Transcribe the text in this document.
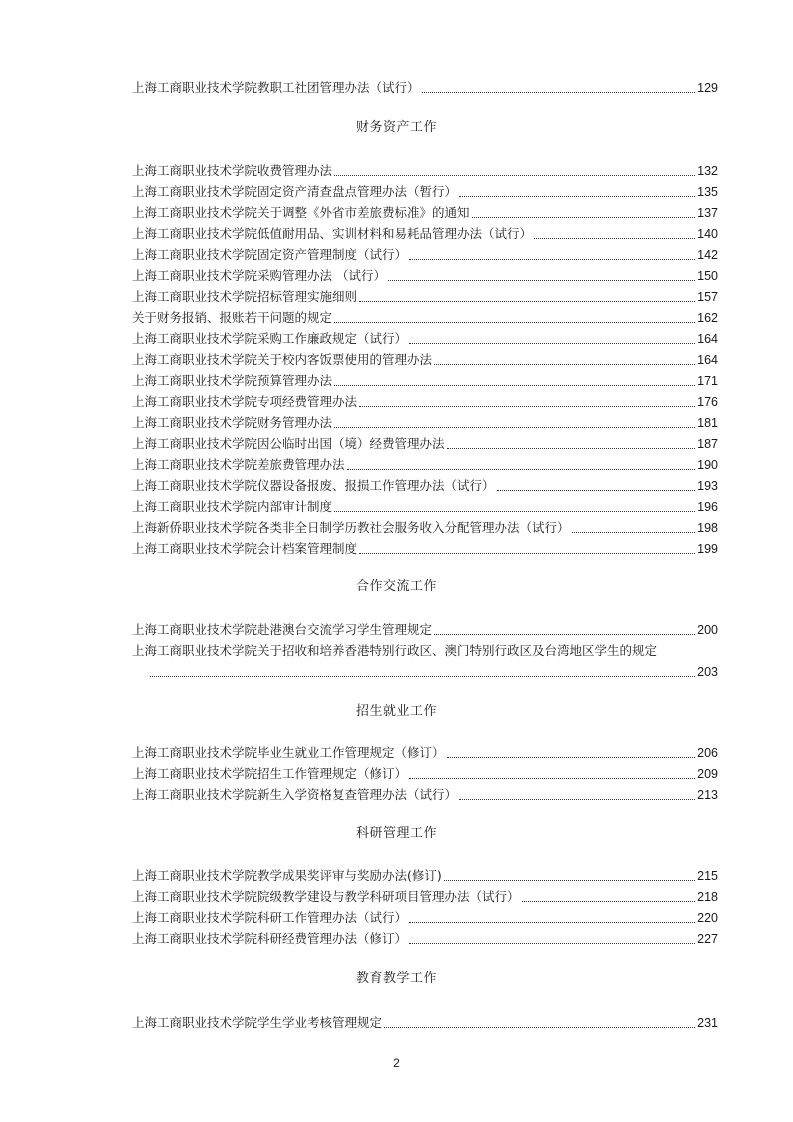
上海工商职业技术学院教职工社团管理办法（试行）	129
财务资产工作
上海工商职业技术学院收费管理办法	132
上海工商职业技术学院固定资产清查盘点管理办法（暂行）	135
上海工商职业技术学院关于调整《外省市差旅费标准》的通知	137
上海工商职业技术学院低值耐用品、实训材料和易耗品管理办法（试行）	140
上海工商职业技术学院固定资产管理制度（试行）	142
上海工商职业技术学院采购管理办法 （试行）	150
上海工商职业技术学院招标管理实施细则	157
关于财务报销、报账若干问题的规定	162
上海工商职业技术学院采购工作廉政规定（试行）	164
上海工商职业技术学院关于校内客饭票使用的管理办法	164
上海工商职业技术学院预算管理办法	171
上海工商职业技术学院专项经费管理办法	176
上海工商职业技术学院财务管理办法	181
上海工商职业技术学院因公临时出国（境）经费管理办法	187
上海工商职业技术学院差旅费管理办法	190
上海工商职业技术学院仪器设备报废、报损工作管理办法（试行）	193
上海工商职业技术学院内部审计制度	196
上海新侨职业技术学院各类非全日制学历教社会服务收入分配管理办法（试行）	198
上海工商职业技术学院会计档案管理制度	199
合作交流工作
上海工商职业技术学院赴港澳台交流学习学生管理规定	200
上海工商职业技术学院关于招收和培养香港特别行政区、澳门特别行政区及台湾地区学生的规定
203
招生就业工作
上海工商职业技术学院毕业生就业工作管理规定（修订）	206
上海工商职业技术学院招生工作管理规定（修订）	209
上海工商职业技术学院新生入学资格复查管理办法（试行）	213
科研管理工作
上海工商职业技术学院教学成果奖评审与奖励办法(修订)	215
上海工商职业技术学院院级教学建设与教学科研项目管理办法（试行）	218
上海工商职业技术学院科研工作管理办法（试行）	220
上海工商职业技术学院科研经费管理办法（修订）	227
教育教学工作
上海工商职业技术学院学生学业考核管理规定	231
2
